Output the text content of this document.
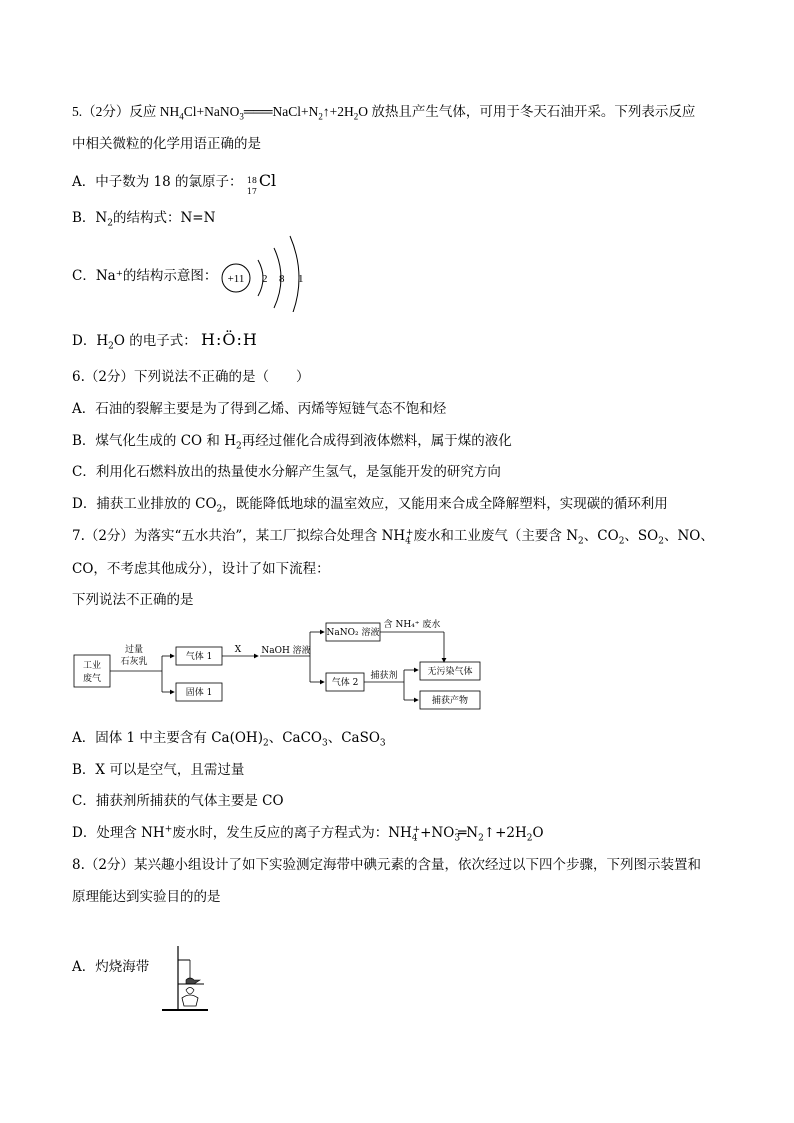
5.（2分）反应 $NH_4Cl+NaNO_3═══NaCl+N_2↑+2H_2O$ 放热且产生气体，可用于冬天石油开采。下列表示反应
中相关微粒的化学用语正确的是
A．中子数为 18 的氯原子： 18
17
Cl
B．$N_2$的结构式：N=N
C．Na⁺的结构示意图： +11 2 8 1
D．$H_2O$ 的电子式： H:Ö:H
6.（2分）下列说法不正确的是（　　）
A．石油的裂解主要是为了得到乙烯、丙烯等短链气态不饱和烃
B．煤气化生成的 CO 和 $H_2$再经过催化合成得到液体燃料，属于煤的液化
C．利用化石燃料放出的热量使水分解产生氢气，是氢能开发的研究方向
D．捕获工业排放的 $CO_2$，既能降低地球的温室效应，又能用来合成全降解塑料，实现碳的循环利用
7.（2分）为落实“五水共治”，某工厂拟综合处理含 $NH_4^+$废水和工业废气（主要含 $N_2$、$CO_2$、$SO_2$、NO、
CO，不考虑其他成分），设计了如下流程：
下列说法不正确的是
工业
废气
过量
石灰乳	气体 1
固体 1
X NaOH 溶液
NaNO₂ 溶液
气体 2
含 NH₄⁺ 废水
捕获剂	无污染气体
捕获产物
A．固体 1 中主要含有 $Ca(OH)_2$、CaCO$_3$、CaSO$_3$
B．X 可以是空气，且需过量
C．捕获剂所捕获的气体主要是 CO
D．处理含 NH+废水时，发生反应的离子方程式为：$NH_4^++NO_3^-═N_2↑+2H_2O$
8.（2分）某兴趣小组设计了如下实验测定海带中碘元素的含量，依次经过以下四个步骤，下列图示装置和
原理能达到实验目的的是
A．灼烧海带
